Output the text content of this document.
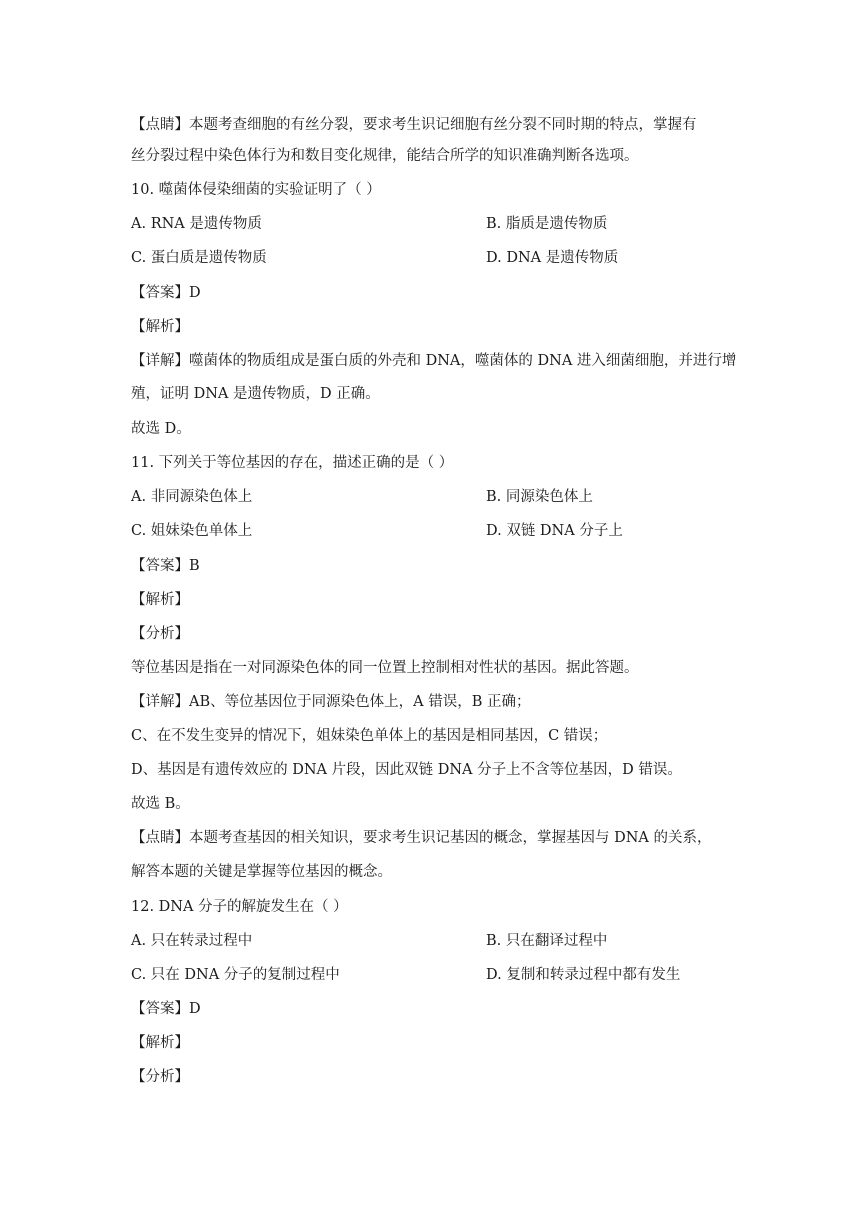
【点睛】本题考查细胞的有丝分裂，要求考生识记细胞有丝分裂不同时期的特点，掌握有
丝分裂过程中染色体行为和数目变化规律，能结合所学的知识准确判断各选项。
10. 噬菌体侵染细菌的实验证明了（ ）
A. RNA 是遗传物质	B. 脂质是遗传物质
C. 蛋白质是遗传物质	D. DNA 是遗传物质
【答案】D
【解析】
【详解】噬菌体的物质组成是蛋白质的外壳和 DNA，噬菌体的 DNA 进入细菌细胞，并进行增
殖，证明 DNA 是遗传物质，D 正确。
故选 D。
11. 下列关于等位基因的存在，描述正确的是（ ）
A. 非同源染色体上	B. 同源染色体上
C. 姐妹染色单体上	D. 双链 DNA 分子上
【答案】B
【解析】
【分析】
等位基因是指在一对同源染色体的同一位置上控制相对性状的基因。据此答题。
【详解】AB、等位基因位于同源染色体上，A 错误，B 正确；
C、在不发生变异的情况下，姐妹染色单体上的基因是相同基因，C 错误；
D、基因是有遗传效应的 DNA 片段，因此双链 DNA 分子上不含等位基因，D 错误。
故选 B。
【点睛】本题考查基因的相关知识，要求考生识记基因的概念，掌握基因与 DNA 的关系，
解答本题的关键是掌握等位基因的概念。
12. DNA 分子的解旋发生在（ ）
A. 只在转录过程中	B. 只在翻译过程中
C. 只在 DNA 分子的复制过程中	D. 复制和转录过程中都有发生
【答案】D
【解析】
【分析】
